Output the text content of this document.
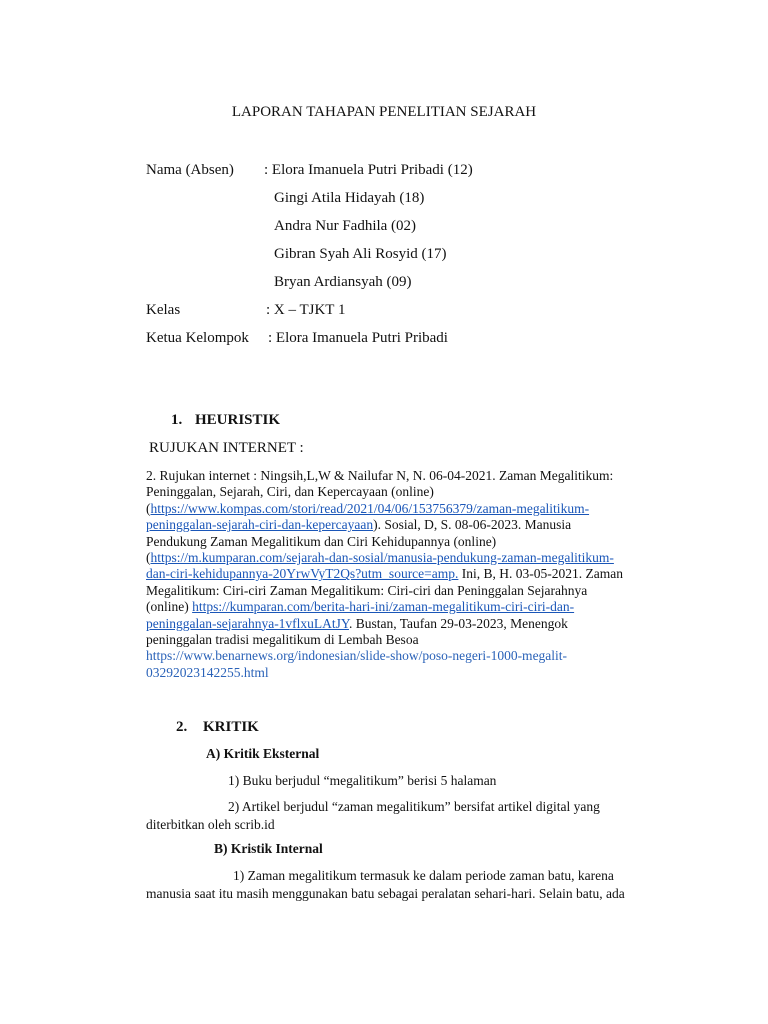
LAPORAN TAHAPAN PENELITIAN SEJARAH
Nama (Absen) : Elora Imanuela Putri Pribadi (12)
Gingi Atila Hidayah (18)
Andra Nur Fadhila (02)
Gibran Syah Ali Rosyid (17)
Bryan Ardiansyah (09)
Kelas	: X – TJKT 1
Ketua Kelompok : Elora Imanuela Putri Pribadi
1. HEURISTIK
RUJUKAN INTERNET :
2. Rujukan internet : Ningsih,L,W & Nailufar N, N. 06-04-2021. Zaman Megalitikum:
Peninggalan, Sejarah, Ciri, dan Kepercayaan (online)
(https://www.kompas.com/stori/read/2021/04/06/153756379/zaman-megalitikum-
peninggalan-sejarah-ciri-dan-kepercayaan). Sosial, D, S. 08-06-2023. Manusia
Pendukung Zaman Megalitikum dan Ciri Kehidupannya (online)
(https://m.kumparan.com/sejarah-dan-sosial/manusia-pendukung-zaman-megalitikum-
dan-ciri-kehidupannya-20YrwVyT2Qs?utm_source=amp. Ini, B, H. 03-05-2021. Zaman
Megalitikum: Ciri-ciri Zaman Megalitikum: Ciri-ciri dan Peninggalan Sejarahnya
(online) https://kumparan.com/berita-hari-ini/zaman-megalitikum-ciri-ciri-dan-
peninggalan-sejarahnya-1vflxuLAtJY. Bustan, Taufan 29-03-2023, Menengok
peninggalan tradisi megalitikum di Lembah Besoa
https://www.benarnews.org/indonesian/slide-show/poso-negeri-1000-megalit-
03292023142255.html
2. KRITIK
A) Kritik Eksternal
1) Buku berjudul “megalitikum” berisi 5 halaman
2) Artikel berjudul “zaman megalitikum” bersifat artikel digital yang
diterbitkan oleh scrib.id
B) Kristik Internal
1) Zaman megalitikum termasuk ke dalam periode zaman batu, karena
manusia saat itu masih menggunakan batu sebagai peralatan sehari-hari. Selain batu, ada
